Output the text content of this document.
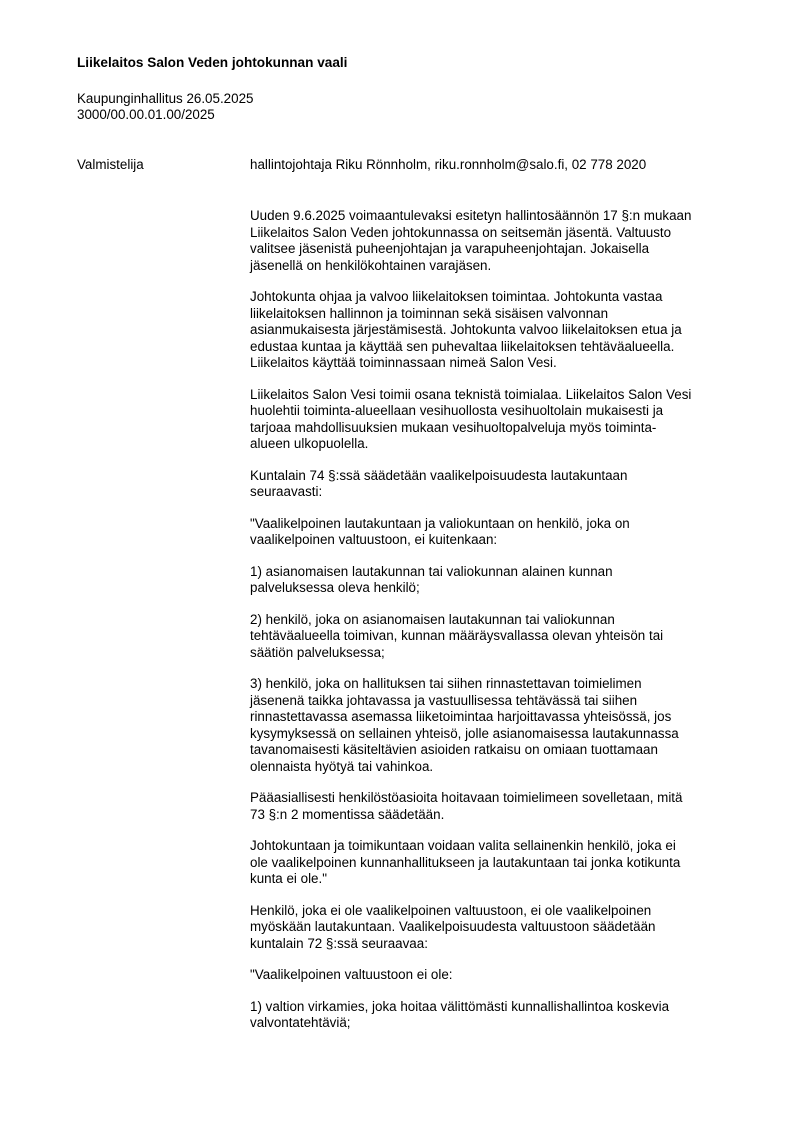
Liikelaitos Salon Veden johtokunnan vaali
Kaupunginhallitus 26.05.2025
3000/00.00.01.00/2025
Valmistelija	hallintojohtaja Riku Rönnholm, riku.ronnholm@salo.fi, 02 778 2020

Uuden 9.6.2025 voimaantulevaksi esitetyn hallintosäännön 17 §:n mukaan
Liikelaitos Salon Veden johtokunnassa on seitsemän jäsentä. Valtuusto
valitsee jäsenistä puheenjohtajan ja varapuheenjohtajan. Jokaisella
jäsenellä on henkilökohtainen varajäsen.

Johtokunta ohjaa ja valvoo liikelaitoksen toimintaa. Johtokunta vastaa
liikelaitoksen hallinnon ja toiminnan sekä sisäisen valvonnan
asianmukaisesta järjestämisestä. Johtokunta valvoo liikelaitoksen etua ja
edustaa kuntaa ja käyttää sen puhevaltaa liikelaitoksen tehtäväalueella.
Liikelaitos käyttää toiminnassaan nimeä Salon Vesi.

Liikelaitos Salon Vesi toimii osana teknistä toimialaa. Liikelaitos Salon Vesi
huolehtii toiminta-alueellaan vesihuollosta vesihuoltolain mukaisesti ja
tarjoaa mahdollisuuksien mukaan vesihuoltopalveluja myös toiminta-
alueen ulkopuolella.

Kuntalain 74 §:ssä säädetään vaalikelpoisuudesta lautakuntaan
seuraavasti:

"Vaalikelpoinen lautakuntaan ja valiokuntaan on henkilö, joka on
vaalikelpoinen valtuustoon, ei kuitenkaan:

1) asianomaisen lautakunnan tai valiokunnan alainen kunnan
palveluksessa oleva henkilö;

2) henkilö, joka on asianomaisen lautakunnan tai valiokunnan
tehtäväalueella toimivan, kunnan määräysvallassa olevan yhteisön tai
säätiön palveluksessa;

3) henkilö, joka on hallituksen tai siihen rinnastettavan toimielimen
jäsenenä taikka johtavassa ja vastuullisessa tehtävässä tai siihen
rinnastettavassa asemassa liiketoimintaa harjoittavassa yhteisössä, jos
kysymyksessä on sellainen yhteisö, jolle asianomaisessa lautakunnassa
tavanomaisesti käsiteltävien asioiden ratkaisu on omiaan tuottamaan
olennaista hyötyä tai vahinkoa.

Pääasiallisesti henkilöstöasioita hoitavaan toimielimeen sovelletaan, mitä
73 §:n 2 momentissa säädetään.

Johtokuntaan ja toimikuntaan voidaan valita sellainenkin henkilö, joka ei
ole vaalikelpoinen kunnanhallitukseen ja lautakuntaan tai jonka kotikunta
kunta ei ole."

Henkilö, joka ei ole vaalikelpoinen valtuustoon, ei ole vaalikelpoinen
myöskään lautakuntaan. Vaalikelpoisuudesta valtuustoon säädetään
kuntalain 72 §:ssä seuraavaa:

"Vaalikelpoinen valtuustoon ei ole:

1) valtion virkamies, joka hoitaa välittömästi kunnallishallintoa koskevia
valvontatehtäviä;
